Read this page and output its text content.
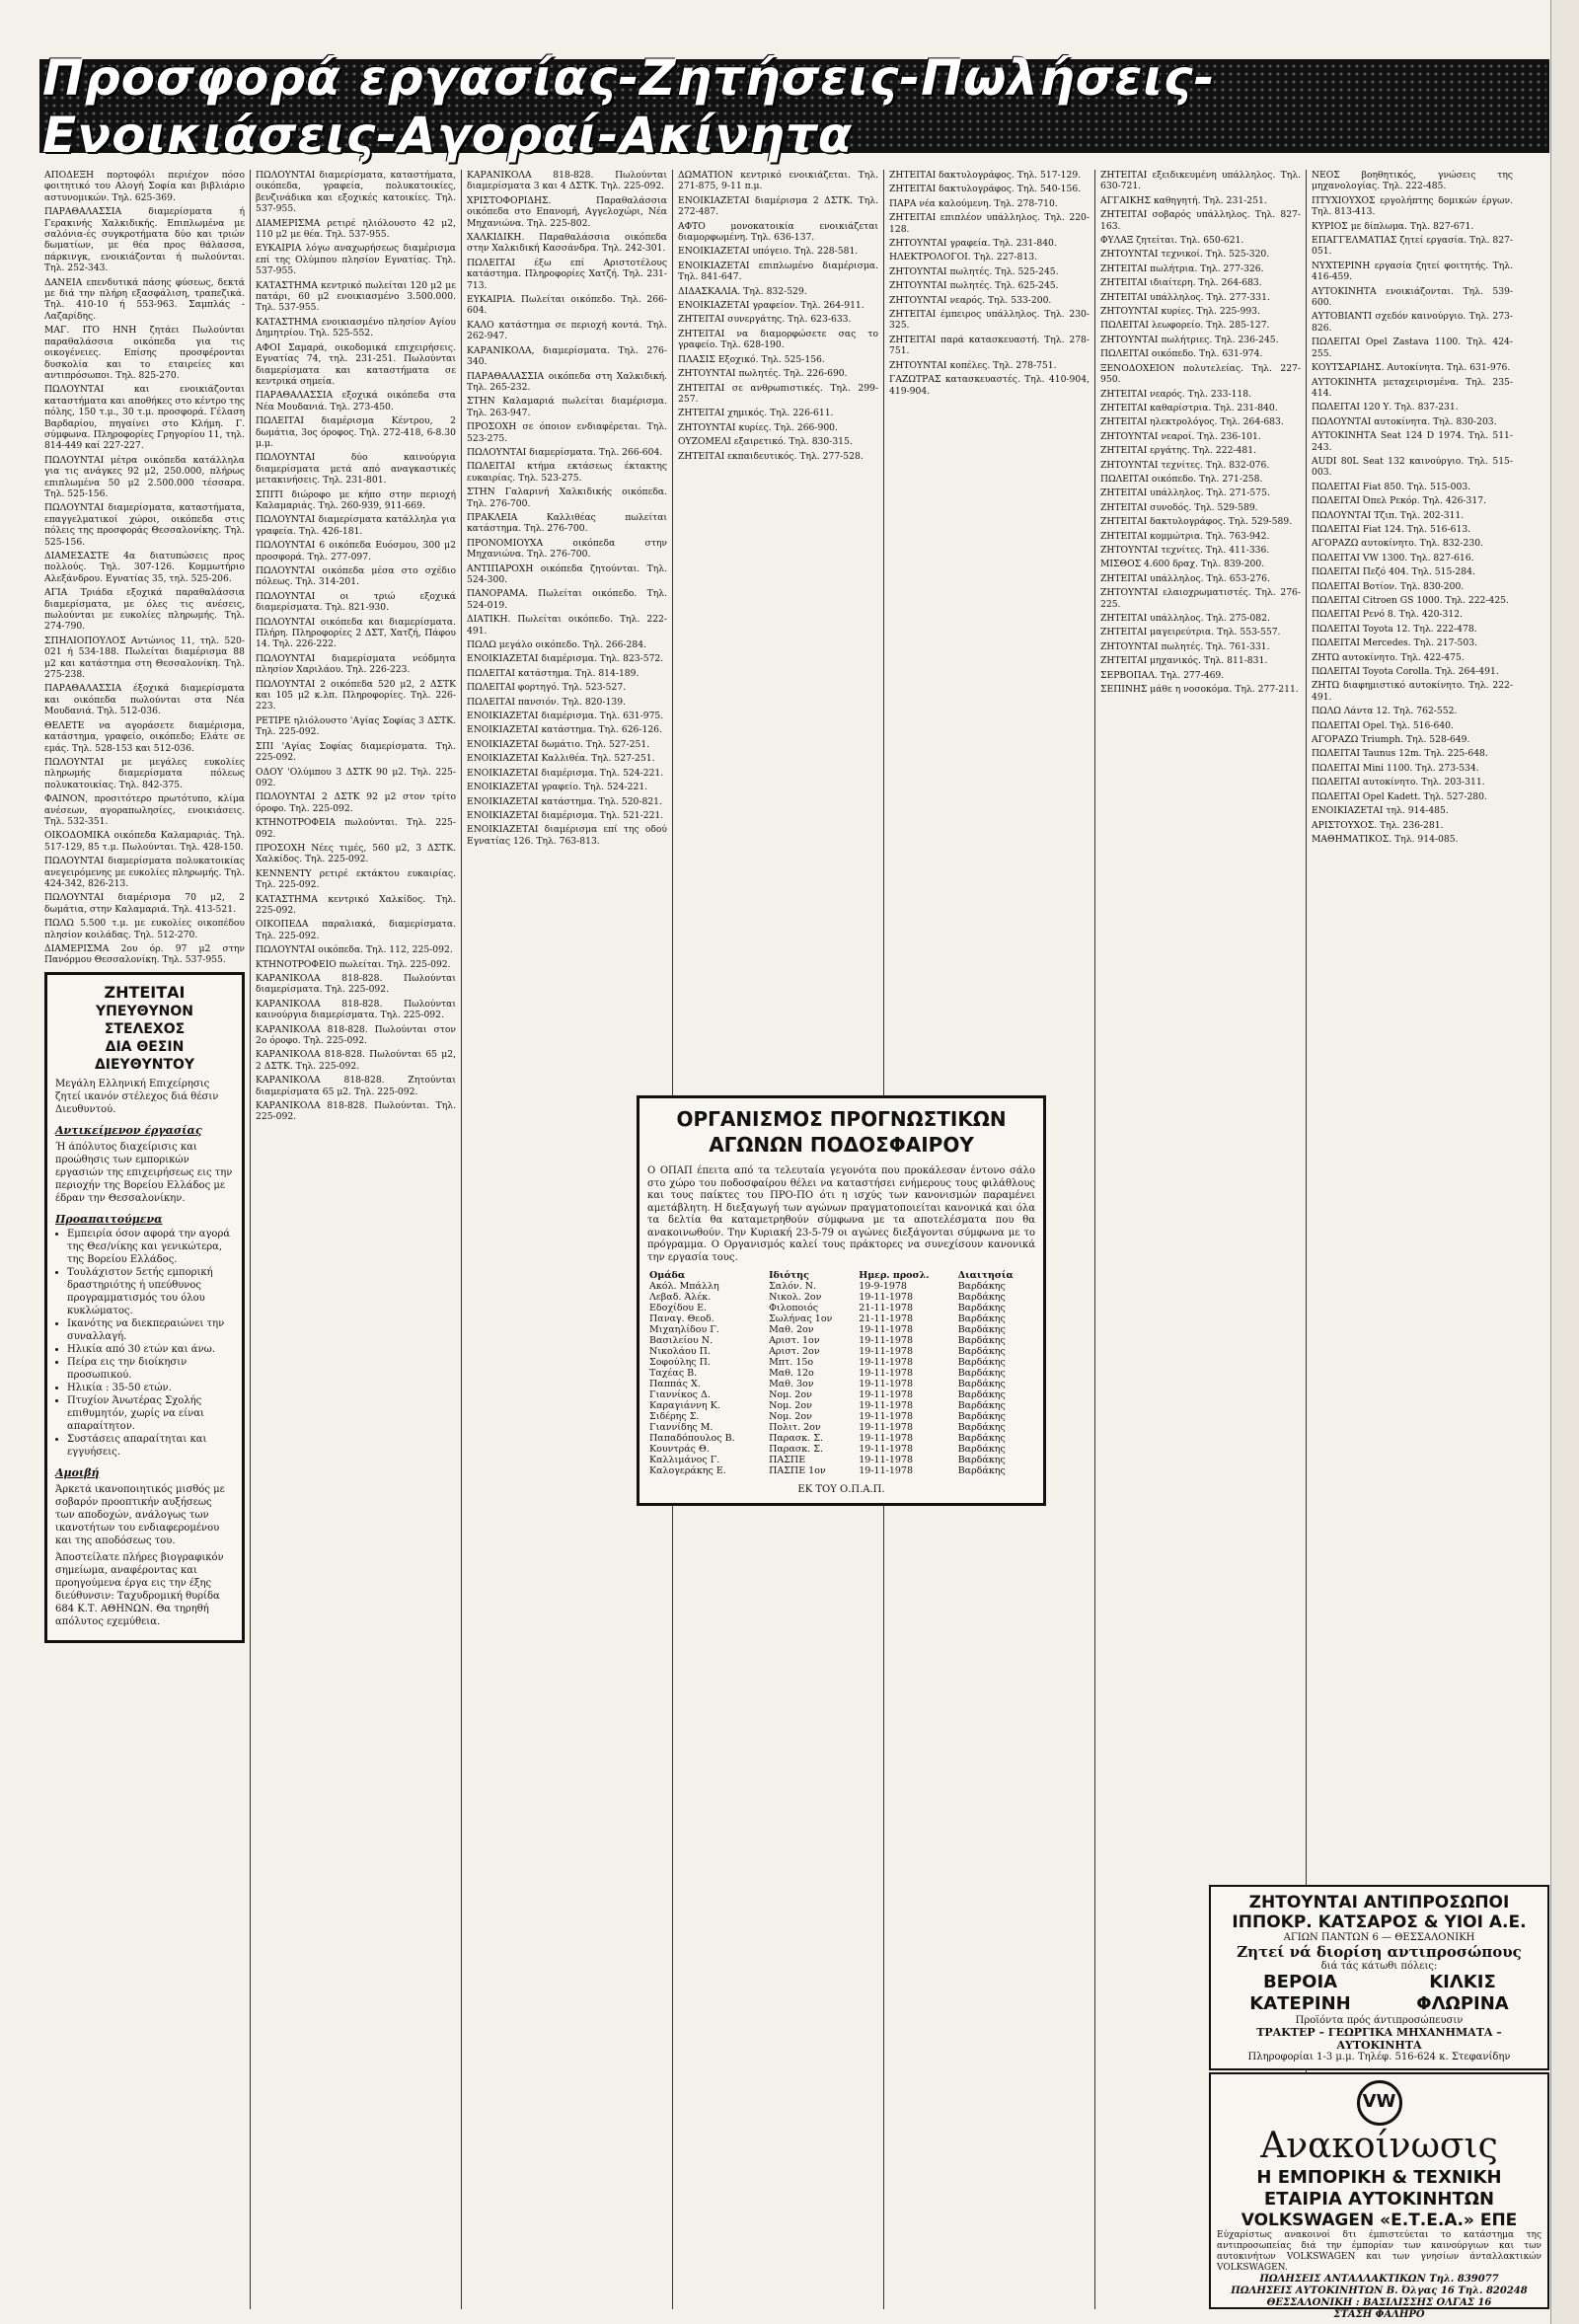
Προσφορά εργασίας-Ζητήσεις-Πωλήσεις-Ενοικιάσεις-Αγοραί-Ακίνητα

ΑΠΟΔΕΞΗ πορτοφόλι περιέχον πόσο φοιτητικό του Αλογή Σοφία και βιβλιάριο αστυνομικών. Τηλ. 625-369.

ΠΑΡΑΘΑΛΑΣΣΙΑ διαμερίσματα ή Γερακινής Χαλκιδικής. Επιπλωμένα με σαλόνια-ές συγκροτήματα δύο και τριών δωματίων, με θέα προς θάλασσα, πάρκινγκ, ενοικιάζονται ή πωλούνται. Τηλ. 252-343.

ΔΑΝΕΙΑ επενδυτικά πάσης φύσεως, δεκτά με διά την πλήρη εξασφάλιση, τραπεζικά. Τηλ. 410-10 ή 553-963. Σαμπλάς - Λαζαρίδης.

ΜΑΓ. ΙΤΟ ΗΝΗ ζητάει Πωλούνται παραθαλάσσια οικόπεδα για τις οικογένειες. Επίσης προσφέρονται δυσκολία και το εταιρείες και αντιπρόσωποι. Τηλ. 825-270.

ΠΩΛΟΥΝΤΑΙ και ενοικιάζονται καταστήματα και αποθήκες στο κέντρο της πόλης, 150 τ.μ., 30 τ.μ. προσφορά. Γέλαση Βαρδαρίου, πηγαίνει στο Κλήμη. Γ. σύμφωνα. Πληροφορίες Γρηγορίου 11, τηλ. 814-449 καί 227-227.

ΠΩΛΟΥΝΤΑΙ μέτρα οικόπεδα κατάλληλα για τις ανάγκες 92 μ2, 250.000, πλήρως επιπλωμένα 50 μ2 2.500.000 τέσσαρα. Τηλ. 525-156.

ΠΩΛΟΥΝΤΑΙ διαμερίσματα, καταστήματα, επαγγελματικοί χώροι, οικόπεδα στις πόλεις της προσφοράς Θεσσαλονίκης. Τηλ. 525-156.

ΔΙΑΜΕΣΑΣΤΕ 4α διατυπώσεις προς πολλούς. Τηλ. 307-126. Κομμωτήριο Αλεξάνδρου. Εγνατίας 35, τηλ. 525-206.

ΑΓΙΑ Τριάδα εξοχικά παραθαλάσσια διαμερίσματα, με όλες τις ανέσεις, πωλούνται με ευκολίες πληρωμής. Τηλ. 274-790.

ΣΠΗΛΙΟΠΟΥΛΟΣ Αντώνιος 11, τηλ. 520-021 ή 534-188. Πωλείται διαμέρισμα 88 μ2 και κατάστημα στη Θεσσαλονίκη. Τηλ. 275-238.

ΠΑΡΑΘΑΛΑΣΣΙΑ έξοχικά διαμερίσματα και οικόπεδα πωλούνται στα Νέα Μουδανιά. Τηλ. 512-036.

ΘΕΛΕΤΕ να αγοράσετε διαμέρισμα, κατάστημα, γραφείο, οικόπεδο; Ελάτε σε εμάς. Τηλ. 528-153 και 512-036.

ΠΩΛΟΥΝΤΑΙ με μεγάλες ευκολίες πληρωμής διαμερίσματα πόλεως πολυκατοικίας. Τηλ. 842-375.

ΦΑΙΝΟΝ, προσιτότερο πρωτότυπο, κλίμα ανέσεων, αγοραπωλησίες, ενοικιάσεις. Τηλ. 532-351.

ΟΙΚΟΔΟΜΙΚΑ οικόπεδα Καλαμαριάς. Τηλ. 517-129, 85 τ.μ. Πωλούνται. Τηλ. 428-150.

ΠΩΛΟΥΝΤΑΙ διαμερίσματα πολυκατοικίας ανεγειρόμενης με ευκολίες πληρωμής. Τηλ. 424-342, 826-213.

ΠΩΛΟΥΝΤΑΙ διαμέρισμα 70 μ2, 2 δωμάτια, στην Καλαμαριά. Τηλ. 413-521.

ΠΩΛΩ 5.500 τ.μ. με ευκολίες οικοπέδου πλησίον κοιλάδας. Τηλ. 512-270.

ΔΙΑΜΕΡΙΣΜΑ 2ου όρ. 97 μ2 στην Πανόρμου Θεσσαλονίκη. Τηλ. 537-955.

ΖΗΤΕΙΤΑΙ
ΥΠΕΥΘΥΝΟΝ ΣΤΕΛΕΧΟΣ
ΔΙΑ ΘΕΣΙΝ ΔΙΕΥΘΥΝΤΟΥ
Μεγάλη Ελληνική Επιχείρησις ζητεί ικανόν στέλεχος διά θέσιν Διευθυντού.
Αντικείμενον έργασίας
Ή άπόλυτος διαχείρισις και προώθησις των εμπορικών εργασιών της επιχειρήσεως εις την περιοχήν της Βορείου Ελλάδος με έδραν την Θεσσαλονίκην.
Προαπαιτούμενα
• Εμπειρία όσον αφορά την αγορά της Θεσ/νίκης και γενικώτερα, της Βορείου Ελλάδος.
• Τουλάχιστον 5ετής εμπορική δραστηριότης ή υπεύθυνος προγραμματισμός του όλου κυκλώματος.
• Ικανότης να διεκπεραιώνει την συναλλαγή.
• Ηλικία από 30 ετών και άνω.
• Πείρα εις την διοίκησιν προσωπικού.
• Ηλικία : 35-50 ετών.
• Πτυχίον Άνωτέρας Σχολής επιθυμητόν, χωρίς να είναι απαραίτητον.
• Συστάσεις απαραίτηται και εγγυήσεις.
Αμοιβή
Άρκετά ικανοποιητικός μισθός με σοβαρόν προοπτικήν αυξήσεως των αποδοχών, ανάλογως των ικανοτήτων του ενδιαφερομένου και της αποδόσεως του.
Άποστείλατε πλήρες βιογραφικόν σημείωμα, αναφέροντας και προηγούμενα έργα εις την έξης διεύθυνσιν: Ταχυδρομική θυρίδα 684 Κ.Τ. ΑΘΗΝΩΝ. Θα τηρηθή απόλυτος εχεμύθεια.

ΠΩΛΟΥΝΤΑΙ διαμερίσματα, καταστήματα, οικόπεδα, γραφεία, πολυκατοικίες, βενζινάδικα και εξοχικές κατοικίες. Τηλ. 537-955.

ΔΙΑΜΕΡΙΣΜΑ ρετιρέ ηλιόλουστο 42 μ2, 110 μ2 με θέα. Τηλ. 537-955.

ΕΥΚΑΙΡΙΑ λόγω αναχωρήσεως διαμέρισμα επί της Ολύμπου πλησίον Εγνατίας. Τηλ. 537-955.

ΚΑΤΑΣΤΗΜΑ κεντρικό πωλείται 120 μ2 με πατάρι, 60 μ2 ενοικιασμένο 3.500.000. Τηλ. 537-955.

ΚΑΤΑΣΤΗΜΑ ενοικιασμένο πλησίον Αγίου Δημητρίου. Τηλ. 525-552.

ΑΦΟΙ Σαμαρά, οικοδομικά επιχειρήσεις. Εγνατίας 74, τηλ. 231-251. Πωλούνται διαμερίσματα και καταστήματα σε κεντρικά σημεία.

ΠΑΡΑΘΑΛΑΣΣΙΑ εξοχικά οικόπεδα στα Νέα Μουδανιά. Τηλ. 273-450.

ΠΩΛΕΙΤΑΙ διαμέρισμα Κέντρου, 2 δωμάτια, 3ος όροφος. Τηλ. 272-418, 6-8.30 μ.μ.

ΠΩΛΟΥΝΤΑΙ δύο καινούργια διαμερίσματα μετά από αναγκαστικές μετακινήσεις. Τηλ. 231-801.

ΣΠΙΤΙ διώροφο με κήπο στην περιοχή Καλαμαριάς. Τηλ. 260-939, 911-669.

ΠΩΛΟΥΝΤΑΙ διαμερίσματα κατάλληλα για γραφεία. Τηλ. 426-181.

ΠΩΛΟΥΝΤΑΙ 6 οικόπεδα Ευόσμου, 300 μ2 προσφορά. Τηλ. 277-097.

ΠΩΛΟΥΝΤΑΙ οικόπεδα μέσα στο σχέδιο πόλεως. Τηλ. 314-201.

ΠΩΛΟΥΝΤΑΙ οι τριώ εξοχικά διαμερίσματα. Τηλ. 821-930.

ΠΩΛΟΥΝΤΑΙ οικόπεδα και διαμερίσματα. Πλήρη. Πληροφορίες 2 ΔΣΤ, Χατζή, Πάφου 14. Τηλ. 226-222.

ΠΩΛΟΥΝΤΑΙ διαμερίσματα νεόδμητα πλησίον Χαριλάου. Τηλ. 226-223.

ΠΩΛΟΥΝΤΑΙ 2 οικόπεδα 520 μ2, 2 ΔΣΤΚ και 105 μ2 κ.λπ. Πληροφορίες. Τηλ. 226-223.

ΡΕΤΙΡΕ ηλιόλουστο 'Αγίας Σοφίας 3 ΔΣΤΚ. Τηλ. 225-092.

ΣΠΙ 'Αγίας Σοφίας διαμερίσματα. Τηλ. 225-092.

ΟΔΟΥ 'Ολύμπου 3 ΔΣΤΚ 90 μ2. Τηλ. 225-092.

ΠΩΛΟΥΝΤΑΙ 2 ΔΣΤΚ 92 μ2 στον τρίτο όροφο. Τηλ. 225-092.

ΚΤΗΝΟΤΡΟΦΕΙΑ πωλούνται. Τηλ. 225-092.

ΠΡΟΣΟΧΗ Νέες τιμές, 560 μ2, 3 ΔΣΤΚ. Χαλκίδος. Τηλ. 225-092.

ΚΕΝΝΕΝΤΥ ρετιρέ εκτάκτου ευκαιρίας. Τηλ. 225-092.

ΚΑΤΑΣΤΗΜΑ κεντρικό Χαλκίδος. Τηλ. 225-092.

ΟΙΚΟΠΕΔΑ παραλιακά, διαμερίσματα. Τηλ. 225-092.

ΠΩΛΟΥΝΤΑΙ οικόπεδα. Τηλ. 112, 225-092.

ΚΤΗΝΟΤΡΟΦΕΙΟ πωλείται. Τηλ. 225-092.

ΚΑΡΑΝΙΚΟΛΑ 818-828. Πωλούνται διαμερίσματα. Τηλ. 225-092.

ΚΑΡΑΝΙΚΟΛΑ 818-828. Πωλούνται καινούργια διαμερίσματα. Τηλ. 225-092.

ΚΑΡΑΝΙΚΟΛΑ 818-828. Πωλούνται στον 2ο όροφο. Τηλ. 225-092.

ΚΑΡΑΝΙΚΟΛΑ 818-828. Πωλούνται 65 μ2, 2 ΔΣΤΚ. Τηλ. 225-092.

ΚΑΡΑΝΙΚΟΛΑ 818-828. Ζητούνται διαμερίσματα 65 μ2. Τηλ. 225-092.

ΚΑΡΑΝΙΚΟΛΑ 818-828. Πωλούνται. Τηλ. 225-092.

ΚΑΡΑΝΙΚΟΛΑ 818-828. Πωλούνται διαμερίσματα 3 και 4 ΔΣΤΚ. Τηλ. 225-092.

ΧΡΙΣΤΟΦΟΡΙΔΗΣ. Παραθαλάσσια οικόπεδα στο Επανομή, Αγγελοχώρι, Νέα Μηχανιώνα. Τηλ. 225-802.

ΧΑΛΚΙΔΙΚΗ. Παραθαλάσσια οικόπεδα στην Χαλκιδική Κασσάνδρα. Τηλ. 242-301.

ΠΩΛΕΙΤΑΙ έξω επί Αριστοτέλους κατάστημα. Πληροφορίες Χατζή. Τηλ. 231-713.

ΕΥΚΑΙΡΙΑ. Πωλείται οικόπεδο. Τηλ. 266-604.

ΚΑΛΟ κατάστημα σε περιοχή κοντά. Τηλ. 262-947.

ΚΑΡΑΝΙΚΟΛΑ, διαμερίσματα. Τηλ. 276-340.

ΠΑΡΑΘΑΛΑΣΣΙΑ οικόπεδα στη Χαλκιδική. Τηλ. 265-232.

ΣΤΗΝ Καλαμαριά πωλείται διαμέρισμα. Τηλ. 263-947.

ΠΡΟΣΟΧΗ σε όποιον ενδιαφέρεται. Τηλ. 523-275.

ΠΩΛΟΥΝΤΑΙ διαμερίσματα. Τηλ. 266-604.

ΠΩΛΕΙΤΑΙ κτήμα εκτάσεως έκτακτης ευκαιρίας. Τηλ. 523-275.

ΣΤΗΝ Γαλαρινή Χαλκιδικής οικόπεδα. Τηλ. 276-700.

ΠΡΑΚΛΕΙΑ Καλλιθέας πωλείται κατάστημα. Τηλ. 276-700.

ΠΡΟΝΟΜΙΟΥΧΑ οικόπεδα στην Μηχανιώνα. Τηλ. 276-700.

ΑΝΤΙΠΑΡΟΧΗ οικόπεδα ζητούνται. Τηλ. 524-300.

ΠΑΝΟΡΑΜΑ. Πωλείται οικόπεδο. Τηλ. 524-019.

ΔΙΑΤΙΚΗ. Πωλείται οικόπεδο. Τηλ. 222-491.

ΠΩΛΩ μεγάλο οικόπεδο. Τηλ. 266-284.

ΕΝΟΙΚΙΑΖΕΤΑΙ διαμέρισμα. Τηλ. 823-572.

ΠΩΛΕΙΤΑΙ κατάστημα. Τηλ. 814-189.

ΠΩΛΕΙΤΑΙ φορτηγό. Τηλ. 523-527.

ΠΩΛΕΙΤΑΙ πανσιόν. Τηλ. 820-139.

ΕΝΟΙΚΙΑΖΕΤΑΙ διαμέρισμα. Τηλ. 631-975.

ΕΝΟΙΚΙΑΖΕΤΑΙ κατάστημα. Τηλ. 626-126.

ΕΝΟΙΚΙΑΖΕΤΑΙ δωμάτιο. Τηλ. 527-251.

ΕΝΟΙΚΙΑΖΕΤΑΙ Καλλιθέα. Τηλ. 527-251.

ΕΝΟΙΚΙΑΖΕΤΑΙ διαμέρισμα. Τηλ. 524-221.

ΕΝΟΙΚΙΑΖΕΤΑΙ γραφείο. Τηλ. 524-221.

ΕΝΟΙΚΙΑΖΕΤΑΙ κατάστημα. Τηλ. 520-821.

ΕΝΟΙΚΙΑΖΕΤΑΙ διαμέρισμα. Τηλ. 521-221.

ΕΝΟΙΚΙΑΖΕΤΑΙ διαμέρισμα επί της οδού Εγνατίας 126. Τηλ. 763-813.

ΔΩΜΑΤΙΟΝ κεντρικό ενοικιάζεται. Τηλ. 271-875, 9-11 π.μ.

ΕΝΟΙΚΙΑΖΕΤΑΙ διαμέρισμα 2 ΔΣΤΚ. Τηλ. 272-487.

ΑΦΤΟ μονοκατοικία ενοικιάζεται διαμορφωμένη. Τηλ. 636-137.

ΕΝΟΙΚΙΑΖΕΤΑΙ υπόγειο. Τηλ. 228-581.

ΕΝΟΙΚΙΑΖΕΤΑΙ επιπλωμένο διαμέρισμα. Τηλ. 841-647.

ΔΙΔΑΣΚΑΛΙΑ. Τηλ. 832-529.

ΕΝΟΙΚΙΑΖΕΤΑΙ γραφείον. Τηλ. 264-911.

ΖΗΤΕΙΤΑΙ συνεργάτης. Τηλ. 623-633.

ΖΗΤΕΙΤΑΙ να διαμορφώσετε σας το γραφείο. Τηλ. 628-190.

ΠΛΑΣΙΣ Εξοχικό. Τηλ. 525-156.

ΖΗΤΟΥΝΤΑΙ πωλητές. Τηλ. 226-690.

ΖΗΤΕΙΤΑΙ σε ανθρωπιστικές. Τηλ. 299-257.

ΖΗΤΕΙΤΑΙ χημικός. Τηλ. 226-611.

ΖΗΤΟΥΝΤΑΙ κυρίες. Τηλ. 266-900.

ΟΥΖΟΜΕΛΙ εξαιρετικό. Τηλ. 830-315.

ΖΗΤΕΙΤΑΙ εκπαιδευτικός. Τηλ. 277-528.

ΖΗΤΕΙΤΑΙ δακτυλογράφος. Τηλ. 517-129.

ΖΗΤΕΙΤΑΙ δακτυλογράφος. Τηλ. 540-156.

ΠΑΡΑ νέα καλούμενη. Τηλ. 278-710.

ΖΗΤΕΙΤΑΙ επιπλέον υπάλληλος. Τηλ. 220-128.

ΖΗΤΟΥΝΤΑΙ γραφεία. Τηλ. 231-840.

ΗΛΕΚΤΡΟΛΟΓΟΙ. Τηλ. 227-813.

ΖΗΤΟΥΝΤΑΙ πωλητές. Τηλ. 525-245.

ΖΗΤΟΥΝΤΑΙ πωλητές. Τηλ. 625-245.

ΖΗΤΟΥΝΤΑΙ νεαρός. Τηλ. 533-200.

ΖΗΤΕΙΤΑΙ έμπειρος υπάλληλος. Τηλ. 230-325.

ΖΗΤΕΙΤΑΙ παρά κατασκευαστή. Τηλ. 278-751.

ΖΗΤΟΥΝΤΑΙ κοπέλες. Τηλ. 278-751.

ΓΑΖΩΤΡΑΣ κατασκευαστές. Τηλ. 410-904, 419-904.

ΖΗΤΕΙΤΑΙ εξειδικευμένη υπάλληλος. Τηλ. 630-721.

ΑΓΓΑΙΚΗΣ καθηγητή. Τηλ. 231-251.

ΖΗΤΕΙΤΑΙ σοβαρός υπάλληλος. Τηλ. 827-163.

ΦΥΛΑΞ ζητείται. Τηλ. 650-621.

ΖΗΤΟΥΝΤΑΙ τεχνικοί. Τηλ. 525-320.

ΖΗΤΕΙΤΑΙ πωλήτρια. Τηλ. 277-326.

ΖΗΤΕΙΤΑΙ ιδιαίτερη. Τηλ. 264-683.

ΖΗΤΕΙΤΑΙ υπάλληλος. Τηλ. 277-331.

ΖΗΤΟΥΝΤΑΙ κυρίες. Τηλ. 225-993.

ΠΩΛΕΙΤΑΙ λεωφορείο. Τηλ. 285-127.

ΖΗΤΟΥΝΤΑΙ πωλήτριες. Τηλ. 236-245.

ΠΩΛΕΙΤΑΙ οικόπεδο. Τηλ. 631-974.

ΞΕΝΟΔΟΧΕΙΟΝ πολυτελείας. Τηλ. 227-950.

ΖΗΤΕΙΤΑΙ νεαρός. Τηλ. 233-118.

ΖΗΤΕΙΤΑΙ καθαρίστρια. Τηλ. 231-840.

ΖΗΤΕΙΤΑΙ ηλεκτρολόγος. Τηλ. 264-683.

ΖΗΤΟΥΝΤΑΙ νεαροί. Τηλ. 236-101.

ΖΗΤΕΙΤΑΙ εργάτης. Τηλ. 222-481.

ΖΗΤΟΥΝΤΑΙ τεχνίτες. Τηλ. 832-076.

ΠΩΛΕΙΤΑΙ οικόπεδο. Τηλ. 271-258.

ΖΗΤΕΙΤΑΙ υπάλληλος. Τηλ. 271-575.

ΖΗΤΕΙΤΑΙ συνοδός. Τηλ. 529-589.

ΖΗΤΕΙΤΑΙ δακτυλογράφος. Τηλ. 529-589.

ΖΗΤΕΙΤΑΙ κομμώτρια. Τηλ. 763-942.

ΖΗΤΟΥΝΤΑΙ τεχνίτες. Τηλ. 411-336.

ΜΙΣΘΟΣ 4.600 δραχ. Τηλ. 839-200.

ΖΗΤΕΙΤΑΙ υπάλληλος. Τηλ. 653-276.

ΖΗΤΟΥΝΤΑΙ ελαιοχρωματιστές. Τηλ. 276-225.

ΖΗΤΕΙΤΑΙ υπάλληλος. Τηλ. 275-082.

ΖΗΤΕΙΤΑΙ μαγειρεύτρια. Τηλ. 553-557.

ΖΗΤΟΥΝΤΑΙ πωλητές. Τηλ. 761-331.

ΖΗΤΕΙΤΑΙ μηχανικός. Τηλ. 811-831.

ΣΕΡΒΟΠΑΛ. Τηλ. 277-469.

ΣΕΠΙΝΗΣ μάθε η νοσοκόμα. Τηλ. 277-211.

ΝΕΟΣ βοηθητικός, γνώσεις της μηχανολογίας. Τηλ. 222-485.

ΠΤΥΧΙΟΥΧΟΣ εργολήπτης δομικών έργων. Τηλ. 813-413.

ΚΥΡΙΟΣ με δίπλωμα. Τηλ. 827-671.

ΕΠΑΓΓΕΛΜΑΤΙΑΣ ζητεί εργασία. Τηλ. 827-051.

ΝΥΧΤΕΡΙΝΗ εργασία ζητεί φοιτητής. Τηλ. 416-459.

ΑΥΤΟΚΙΝΗΤΑ ενοικιάζονται. Τηλ. 539-600.

ΑΥΤΟΒΙΑΝΤΙ σχεδόν καινούργιο. Τηλ. 273-826.

ΠΩΛΕΙΤΑΙ Opel Zastava 1100. Τηλ. 424-255.

ΚΟΥΤΣΑΡΙΔΗΣ. Αυτοκίνητα. Τηλ. 631-976.

ΑΥΤΟΚΙΝΗΤΑ μεταχειρισμένα. Τηλ. 235-414.

ΠΩΛΕΙΤΑΙ 120 Υ. Τηλ. 837-231.

ΠΩΛΟΥΝΤΑΙ αυτοκίνητα. Τηλ. 830-203.

ΑΥΤΟΚΙΝΗΤΑ Seat 124 D 1974. Τηλ. 511-243.

AUDI 80L Seat 132 καινούργιο. Τηλ. 515-003.

ΠΩΛΕΙΤΑΙ Fiat 850. Τηλ. 515-003.

ΠΩΛΕΙΤΑΙ Όπελ Ρεκόρ. Τηλ. 426-317.

ΠΩΛΟΥΝΤΑΙ Τζιπ. Τηλ. 202-311.

ΠΩΛΕΙΤΑΙ Fiat 124. Τηλ. 516-613.

ΑΓΟΡΑΖΩ αυτοκίνητο. Τηλ. 832-230.

ΠΩΛΕΙΤΑΙ VW 1300. Τηλ. 827-616.

ΠΩΛΕΙΤΑΙ Πεζό 404. Τηλ. 515-284.

ΠΩΛΕΙΤΑΙ Βοτίον. Τηλ. 830-200.

ΠΩΛΕΙΤΑΙ Citroen GS 1000. Τηλ. 222-425.

ΠΩΛΕΙΤΑΙ Ρενό 8. Τηλ. 420-312.

ΠΩΛΕΙΤΑΙ Toyota 12. Τηλ. 222-478.

ΠΩΛΕΙΤΑΙ Mercedes. Τηλ. 217-503.

ΖΗΤΩ αυτοκίνητο. Τηλ. 422-475.

ΠΩΛΕΙΤΑΙ Toyota Corolla. Τηλ. 264-491.

ΖΗΤΩ διαφημιστικό αυτοκίνητο. Τηλ. 222-491.

ΠΩΛΩ Λάντα 12. Τηλ. 762-552.

ΠΩΛΕΙΤΑΙ Opel. Τηλ. 516-640.

ΑΓΟΡΑΖΩ Triumph. Τηλ. 528-649.

ΠΩΛΕΙΤΑΙ Taunus 12m. Τηλ. 225-648.

ΠΩΛΕΙΤΑΙ Mini 1100. Τηλ. 273-534.

ΠΩΛΕΙΤΑΙ αυτοκίνητο. Τηλ. 203-311.

ΠΩΛΕΙΤΑΙ Opel Kadett. Τηλ. 527-280.

ΕΝΟΙΚΙΑΖΕΤΑΙ τηλ. 914-485.

ΑΡΙΣΤΟΥΧΟΣ. Τηλ. 236-281.

ΜΑΘΗΜΑΤΙΚΟΣ. Τηλ. 914-085.

ΟΡΓΑΝΙΣΜΟΣ ΠΡΟΓΝΩΣΤΙΚΩΝ
ΑΓΩΝΩΝ ΠΟΔΟΣΦΑΙΡΟΥ
Ο ΟΠΑΠ έπειτα από τα τελευταία γεγονότα που προκάλεσαν έντονο σάλο στο χώρο του ποδοσφαίρου θέλει να καταστήσει ενήμερους τους φιλάθλους και τους παίκτες του ΠΡΟ-ΠΟ ότι η ισχύς των κανονισμών παραμένει αμετάβλητη. Η διεξαγωγή των αγώνων πραγματοποιείται κανονικά και όλα τα δελτία θα καταμετρηθούν σύμφωνα με τα αποτελέσματα που θα ανακοινωθούν. Την Κυριακή 23-5-79 οι αγώνες διεξάγονται σύμφωνα με το πρόγραμμα. Ο Οργανισμός καλεί τους πράκτορες να συνεχίσουν κανονικά την εργασία τους.
Ομάδα	Ιδιότης	Ημερ. προσλ.	Διαιτησία
Ακόλ. Μπάλλη	Σαλόν. Ν.	19-9-1978	Βαρδάκης
Λεβαδ. Άλέκ.	Νικολ. 2ον	19-11-1978	Βαρδάκης
Εδοχίδου Ε.	Φιλοποιός	21-11-1978	Βαρδάκης
Παναγ. Θεοδ.	Σωλήνας 1ον	21-11-1978	Βαρδάκης
Μιχαηλίδου Γ.	Μαθ. 2ον	19-11-1978	Βαρδάκης
Βασιλείου Ν.	Αριστ. 1ον	19-11-1978	Βαρδάκης
Νικολάου Π.	Αριστ. 2ον	19-11-1978	Βαρδάκης
Σοφούλης Π.	Μπτ. 15ο	19-11-1978	Βαρδάκης
Ταχέας Β.	Μαθ. 12ο	19-11-1978	Βαρδάκης
Παππάς Χ.	Μαθ. 3ον	19-11-1978	Βαρδάκης
Γιαννίκος Δ.	Νομ. 2ον	19-11-1978	Βαρδάκης
Καραγιάννη Κ.	Νομ. 2ον	19-11-1978	Βαρδάκης
Σιδέρης Σ.	Νομ. 2ον	19-11-1978	Βαρδάκης
Γιαννίδης Μ.	Πολιτ. 2ον	19-11-1978	Βαρδάκης
Παπαδόπουλος Β.	Παρασκ. Σ.	19-11-1978	Βαρδάκης
Κουντράς Θ.	Παρασκ. Σ.	19-11-1978	Βαρδάκης
Καλλιμάνος Γ.	ΠΑΣΠΕ	19-11-1978	Βαρδάκης
Καλογεράκης Ε.	ΠΑΣΠΕ 1ον	19-11-1978	Βαρδάκης
ΕΚ ΤΟΥ Ο.Π.Α.Π.
ΖΗΤΟΥΝΤΑΙ ΑΝΤΙΠΡΟΣΩΠΟΙ
ΙΠΠΟΚΡ. ΚΑΤΣΑΡΟΣ & ΥΙΟΙ Α.Ε.
ΑΓΙΩΝ ΠΑΝΤΩΝ 6 — ΘΕΣΣΑΛΟΝΙΚΗ
Ζητεί νά διορίση αντιπροσώπους
διά τάς κάτωθι πόλεις:
ΒΕΡΟΙΑ
ΚΑΤΕΡΙΝΗ
ΚΙΛΚΙΣ
ΦΛΩΡΙΝΑ
Προϊόντα πρός άντιπροσώπευσιν
ΤΡΑΚΤΕΡ – ΓΕΩΡΓΙΚΑ ΜΗΧΑΝΗΜΑΤΑ – ΑΥΤΟΚΙΝΗΤΑ
Πληροφορίαι 1-3 μ.μ. Τηλέφ. 516-624 κ. Στεφανίδην
VW
Ανακοίνωσις
Η ΕΜΠΟΡΙΚΗ & ΤΕΧΝΙΚΗ
ΕΤΑΙΡΙΑ ΑΥΤΟΚΙΝΗΤΩΝ
VOLKSWAGEN «Ε.Τ.Ε.Α.» ΕΠΕ
Εύχαρίστως ανακοινοί δτι έμπιστεύεται το κατάστημα της αντιπροσωπείας διά την έμπορίαν των καινούργιων και των αυτοκινήτων VOLKSWAGEN και των γνησίων άνταλλακτικών VOLKSWAGEN.
ΠΩΛΗΣΕΙΣ ΑΝΤΑΛΛΑΚΤΙΚΩΝ Τηλ. 839077
ΠΩΛΗΣΕΙΣ ΑΥΤΟΚΙΝΗΤΩΝ Β. Όλγας 16 Τηλ. 820248
ΘΕΣΣΑΛΟΝΙΚΗ : ΒΑΣΙΛΙΣΣΗΣ ΟΛΓΑΣ 16
ΣΤΑΣΗ ΦΑΛΗΡΟ
